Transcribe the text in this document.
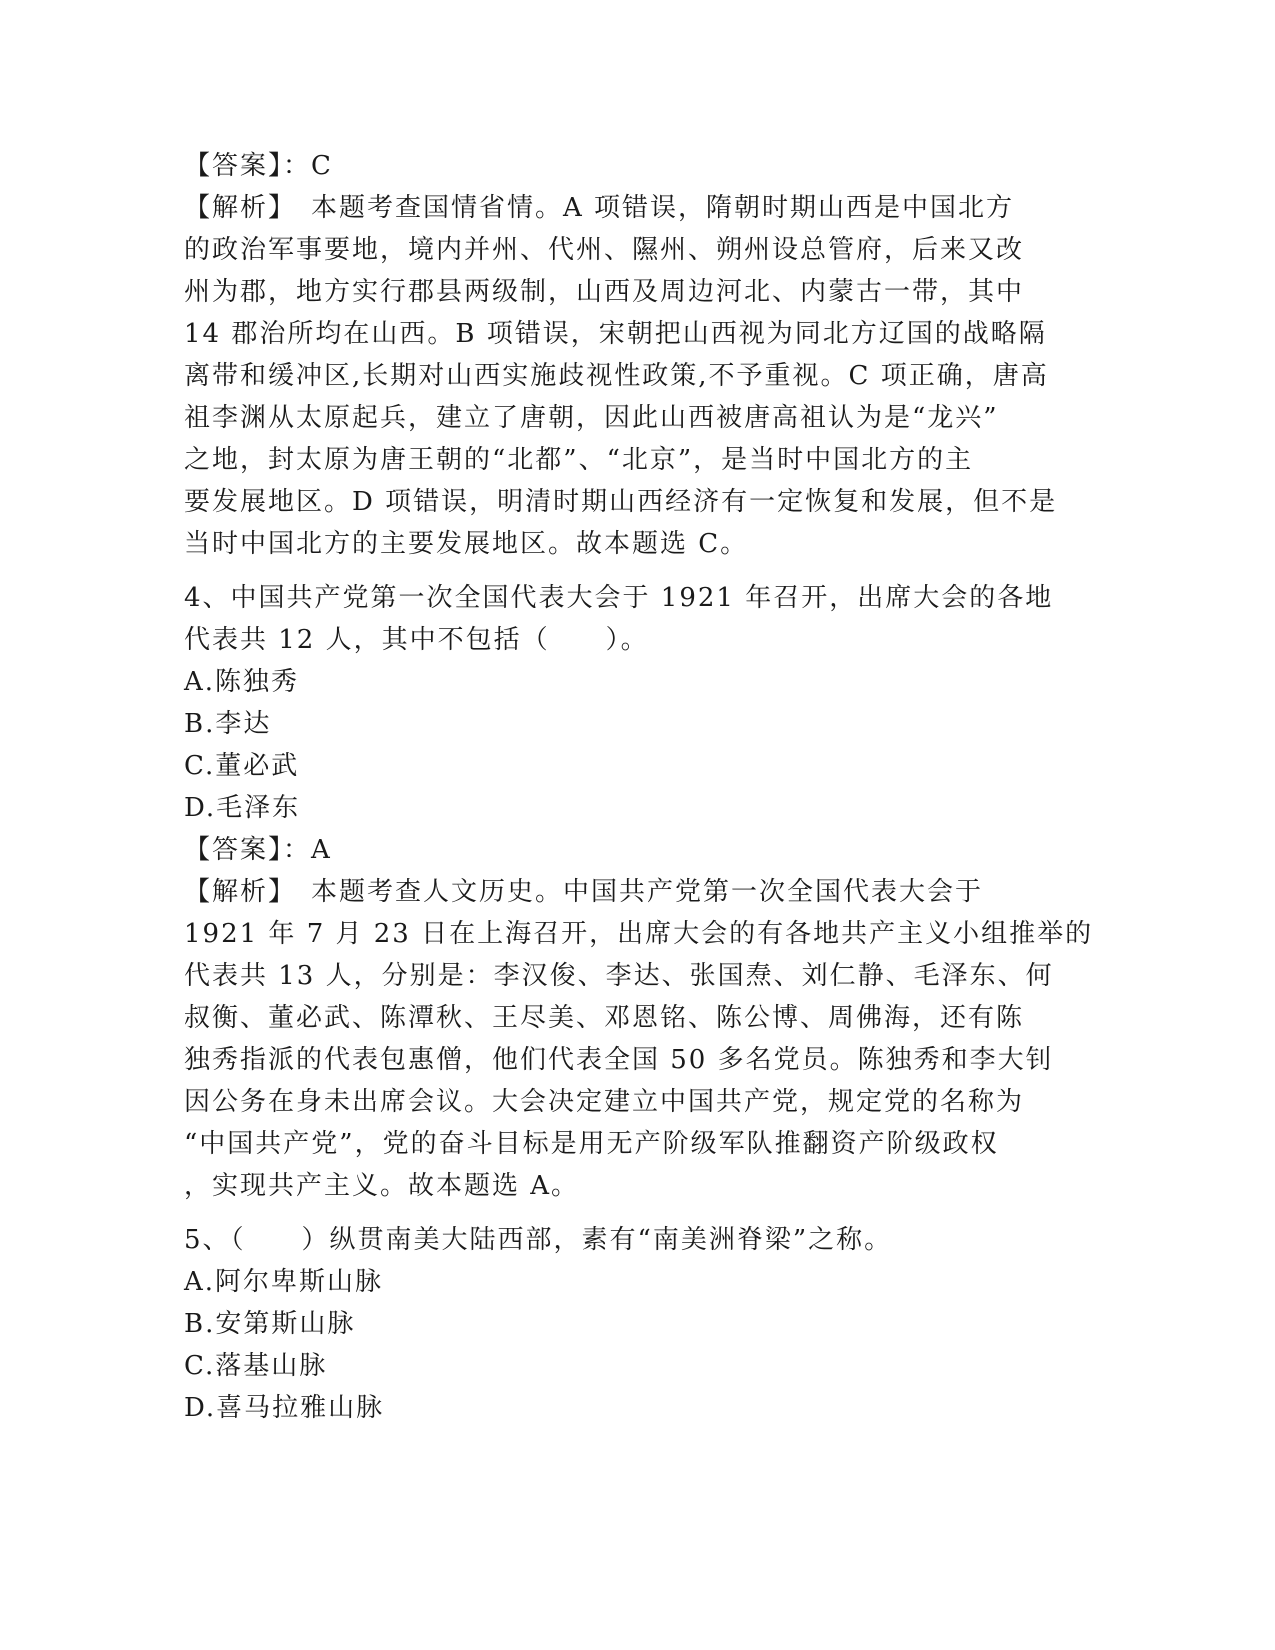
【答案】：C
【解析】　本题考查国情省情。A 项错误，隋朝时期山西是中国北方
的政治军事要地，境内并州、代州、隰州、朔州设总管府，后来又改
州为郡，地方实行郡县两级制，山西及周边河北、内蒙古一带，其中
14 郡治所均在山西。B 项错误，宋朝把山西视为同北方辽国的战略隔
离带和缓冲区,长期对山西实施歧视性政策,不予重视。C 项正确，唐高
祖李渊从太原起兵，建立了唐朝，因此山西被唐高祖认为是“龙兴”
之地，封太原为唐王朝的“北都”、“北京”，是当时中国北方的主
要发展地区。D 项错误，明清时期山西经济有一定恢复和发展，但不是
当时中国北方的主要发展地区。故本题选 C。
4、中国共产党第一次全国代表大会于 1921 年召开，出席大会的各地
代表共 12 人，其中不包括（　　）。
A.陈独秀
B.李达
C.董必武
D.毛泽东
【答案】：A
【解析】　本题考查人文历史。中国共产党第一次全国代表大会于
1921 年 7 月 23 日在上海召开，出席大会的有各地共产主义小组推举的
代表共 13 人，分别是：李汉俊、李达、张国焘、刘仁静、毛泽东、何
叔衡、董必武、陈潭秋、王尽美、邓恩铭、陈公博、周佛海，还有陈
独秀指派的代表包惠僧，他们代表全国 50 多名党员。陈独秀和李大钊
因公务在身未出席会议。大会决定建立中国共产党，规定党的名称为
“中国共产党”，党的奋斗目标是用无产阶级军队推翻资产阶级政权
，实现共产主义。故本题选 A。
5、（　　）纵贯南美大陆西部，素有“南美洲脊梁”之称。
A.阿尔卑斯山脉
B.安第斯山脉
C.落基山脉
D.喜马拉雅山脉
